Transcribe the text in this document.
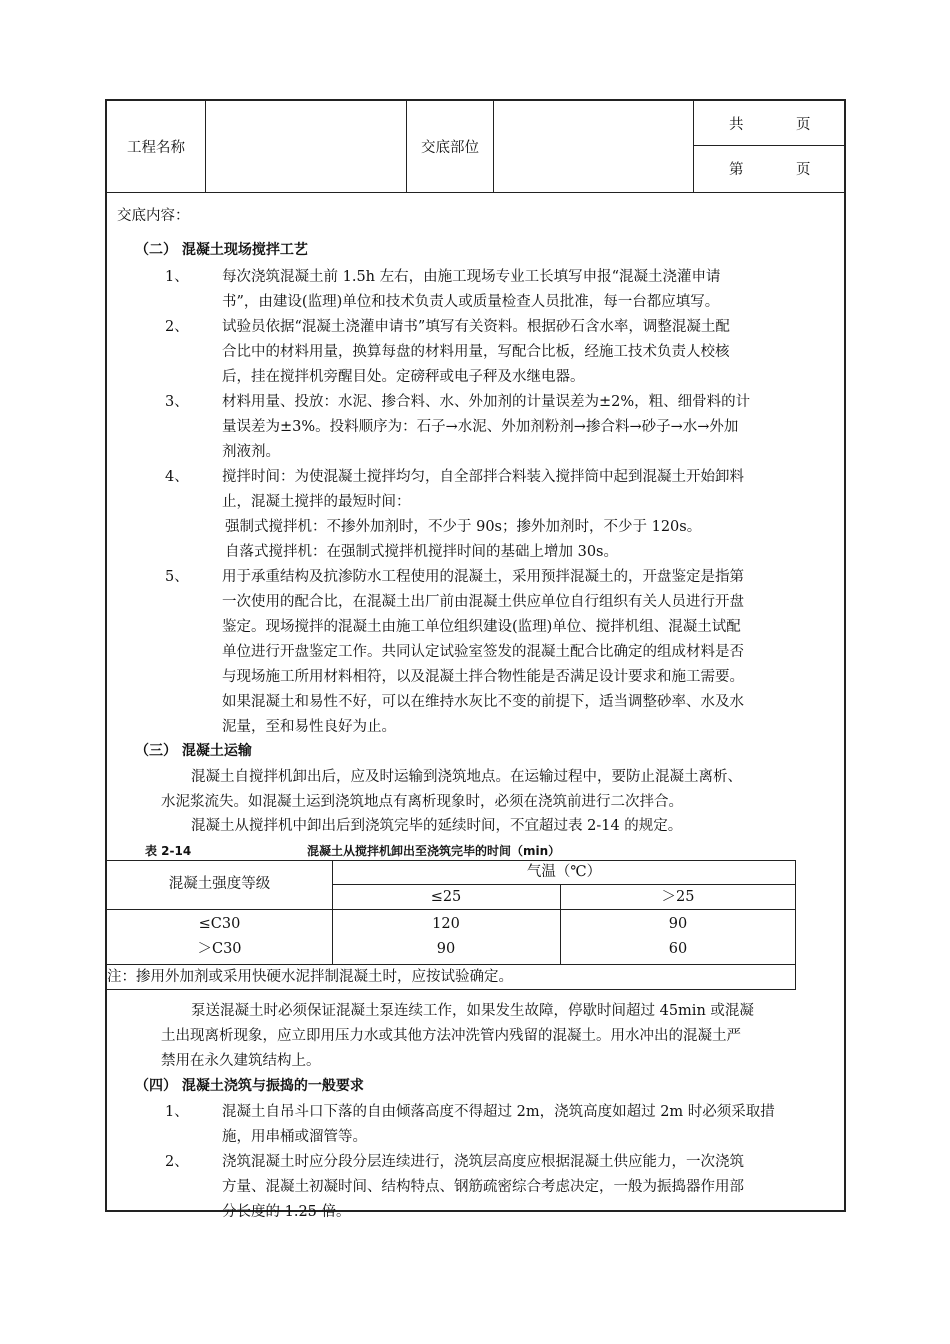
工程名称	交底部位
共	页
第	页
交底内容：
（二） 混凝土现场搅拌工艺
1、	每次浇筑混凝土前 1.5h 左右，由施工现场专业工长填写申报“混凝土浇灌申请
书”，由建设(监理)单位和技术负责人或质量检查人员批准，每一台都应填写。
2、	试验员依据“混凝土浇灌申请书”填写有关资料。根据砂石含水率，调整混凝土配
合比中的材料用量，换算每盘的材料用量，写配合比板，经施工技术负责人校核
后，挂在搅拌机旁醒目处。定磅秤或电子秤及水继电器。
3、	材料用量、投放：水泥、掺合料、水、外加剂的计量误差为±2%，粗、细骨料的计
量误差为±3%。投料顺序为：石子→水泥、外加剂粉剂→掺合料→砂子→水→外加
剂液剂。
4、	搅拌时间：为使混凝土搅拌均匀，自全部拌合料装入搅拌筒中起到混凝土开始卸料
止，混凝土搅拌的最短时间：
强制式搅拌机：不掺外加剂时，不少于 90s；掺外加剂时，不少于 120s。
自落式搅拌机：在强制式搅拌机搅拌时间的基础上增加 30s。
5、	用于承重结构及抗渗防水工程使用的混凝土，采用预拌混凝土的，开盘鉴定是指第
一次使用的配合比，在混凝土出厂前由混凝土供应单位自行组织有关人员进行开盘
鉴定。现场搅拌的混凝土由施工单位组织建设(监理)单位、搅拌机组、混凝土试配
单位进行开盘鉴定工作。共同认定试验室签发的混凝土配合比确定的组成材料是否
与现场施工所用材料相符，以及混凝土拌合物性能是否满足设计要求和施工需要。
如果混凝土和易性不好，可以在维持水灰比不变的前提下，适当调整砂率、水及水
泥量，至和易性良好为止。
（三） 混凝土运输
混凝土自搅拌机卸出后，应及时运输到浇筑地点。在运输过程中，要防止混凝土离析、
水泥浆流失。如混凝土运到浇筑地点有离析现象时，必须在浇筑前进行二次拌合。
混凝土从搅拌机中卸出后到浇筑完毕的延续时间，不宜超过表 2-14 的规定。
表 2-14	混凝土从搅拌机卸出至浇筑完毕的时间（min）
混凝土强度等级
气温（℃）
≤25	＞25
≤C30	120	90
＞C30	90	60
注：掺用外加剂或采用快硬水泥拌制混凝土时，应按试验确定。
泵送混凝土时必须保证混凝土泵连续工作，如果发生故障，停歇时间超过 45min 或混凝
土出现离析现象，应立即用压力水或其他方法冲洗管内残留的混凝土。用水冲出的混凝土严
禁用在永久建筑结构上。
（四） 混凝土浇筑与振捣的一般要求
1、	混凝土自吊斗口下落的自由倾落高度不得超过 2m，浇筑高度如超过 2m 时必须采取措
施，用串桶或溜管等。
2、	浇筑混凝土时应分段分层连续进行，浇筑层高度应根据混凝土供应能力，一次浇筑
方量、混凝土初凝时间、结构特点、钢筋疏密综合考虑决定，一般为振捣器作用部
分长度的 1.25 倍。
